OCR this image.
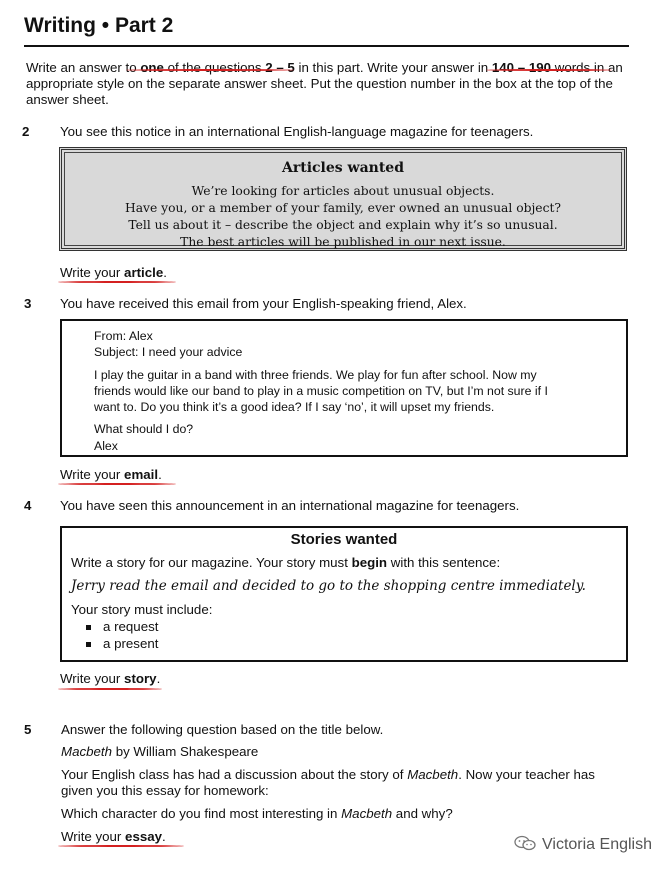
Writing • Part 2
Write an answer to one of the questions 2 – 5 in this part. Write your answer in 140 – 190 words in an appropriate style on the separate answer sheet. Put the question number in the box at the top of the answer sheet.
2 You see this notice in an international English-language magazine for teenagers.
Articles wanted
We’re looking for articles about unusual objects.
Have you, or a member of your family, ever owned an unusual object?
Tell us about it – describe the object and explain why it’s so unusual.
The best articles will be published in our next issue.
Write your article.
3 You have received this email from your English-speaking friend, Alex.
From: Alex
Subject: I need your advice
I play the guitar in a band with three friends. We play for fun after school. Now my
friends would like our band to play in a music competition on TV, but I’m not sure if I
want to. Do you think it’s a good idea? If I say ‘no’, it will upset my friends.
What should I do?
Alex
Write your email.
4 You have seen this announcement in an international magazine for teenagers.
Stories wanted
Write a story for our magazine. Your story must begin with this sentence:
Jerry read the email and decided to go to the shopping centre immediately.
Your story must include:
a request
a present
Write your story.
5 Answer the following question based on the title below.
Macbeth by William Shakespeare
Your English class has had a discussion about the story of Macbeth. Now your teacher has
given you this essay for homework:
Which character do you find most interesting in Macbeth and why?
Write your essay.	Victoria English
